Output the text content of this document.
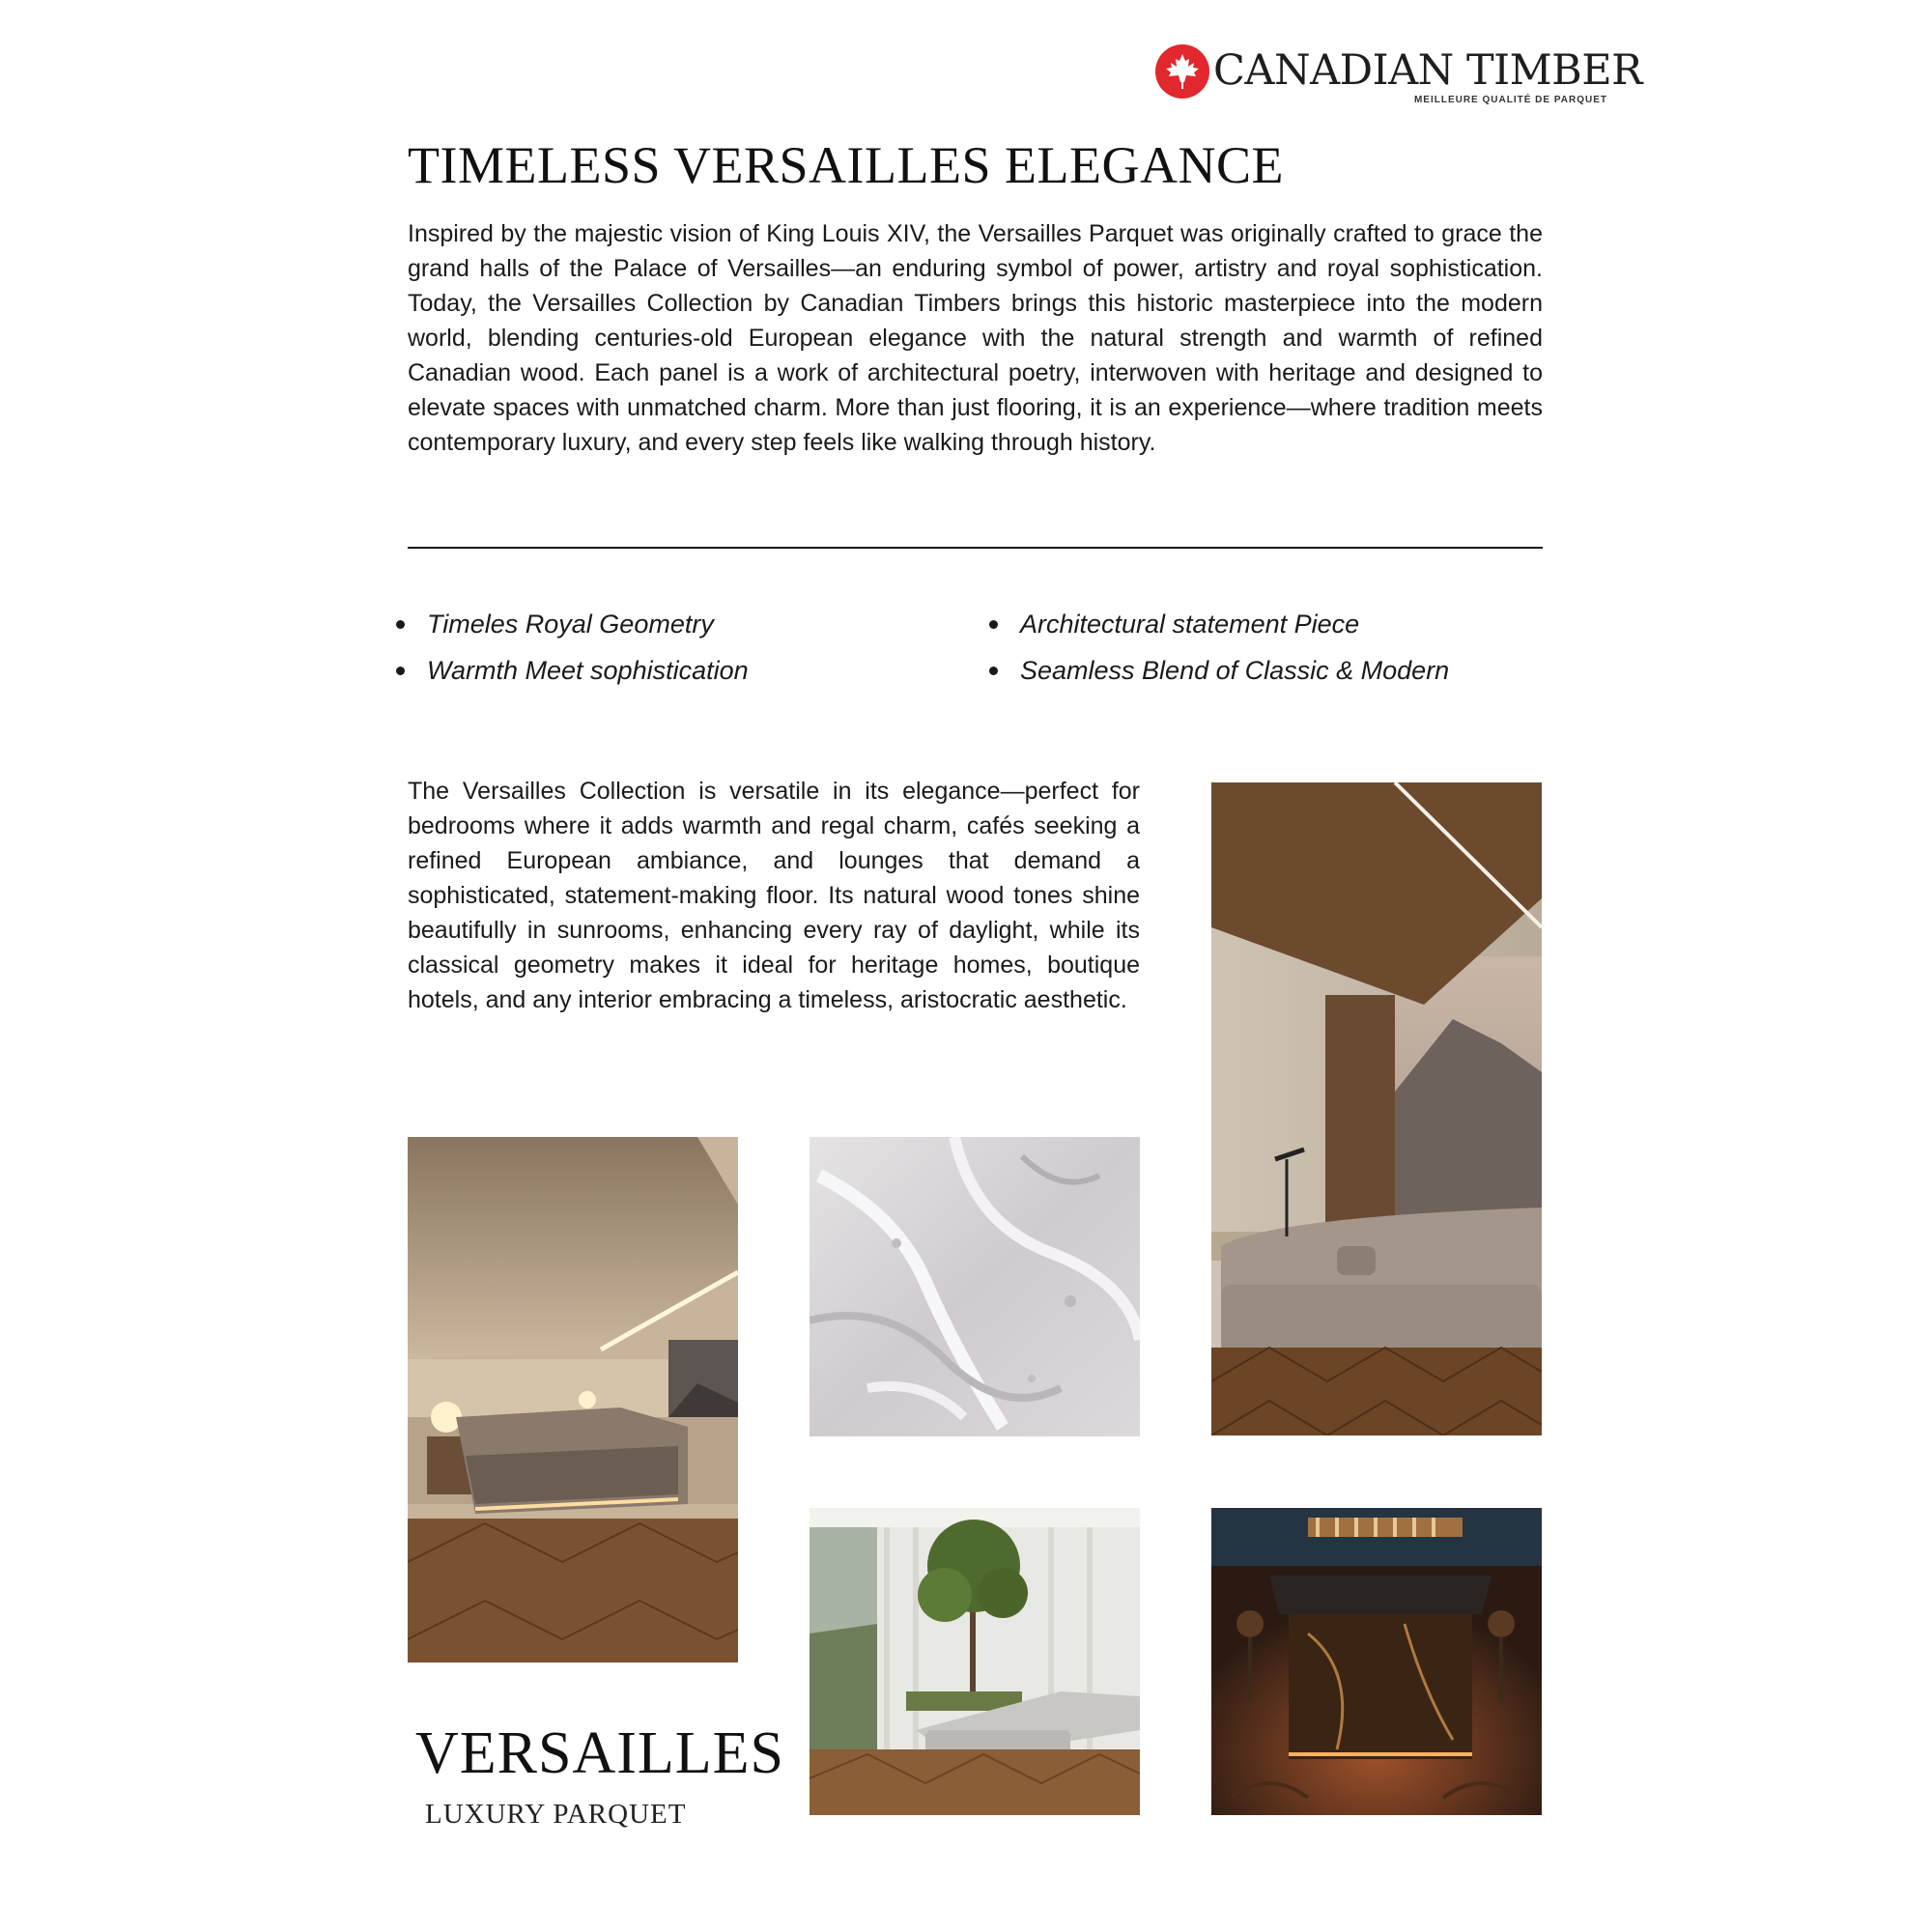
CANADIAN TIMBER
MEILLEURE QUALITÉ DE PARQUET
TIMELESS VERSAILLES ELEGANCE

Inspired by the majestic vision of King Louis XIV, the Versailles Parquet was originally crafted to grace the grand halls of the Palace of Versailles—an enduring symbol of power, artistry and royal sophistication. Today, the Versailles Collection by Canadian Timbers brings this historic masterpiece into the modern world, blending centuries-old European elegance with the natural strength and warmth of refined Canadian wood. Each panel is a work of architectural poetry, interwoven with heritage and designed to elevate spaces with unmatched charm. More than just flooring, it is an experience—where tradition meets contemporary luxury, and every step feels like walking through history.

Timeles Royal Geometry
Warmth Meet sophistication
Architectural statement Piece
Seamless Blend of Classic & Modern

The Versailles Collection is versatile in its elegance—perfect for bedrooms where it adds warmth and regal charm, cafés seeking a refined European ambiance, and lounges that demand a sophisticated, statement-making floor. Its natural wood tones shine beautifully in sunrooms, enhancing every ray of daylight, while its classical geometry makes it ideal for heritage homes, boutique hotels, and any interior embracing a timeless, aristocratic aesthetic.

VERSAILLES
LUXURY PARQUET
